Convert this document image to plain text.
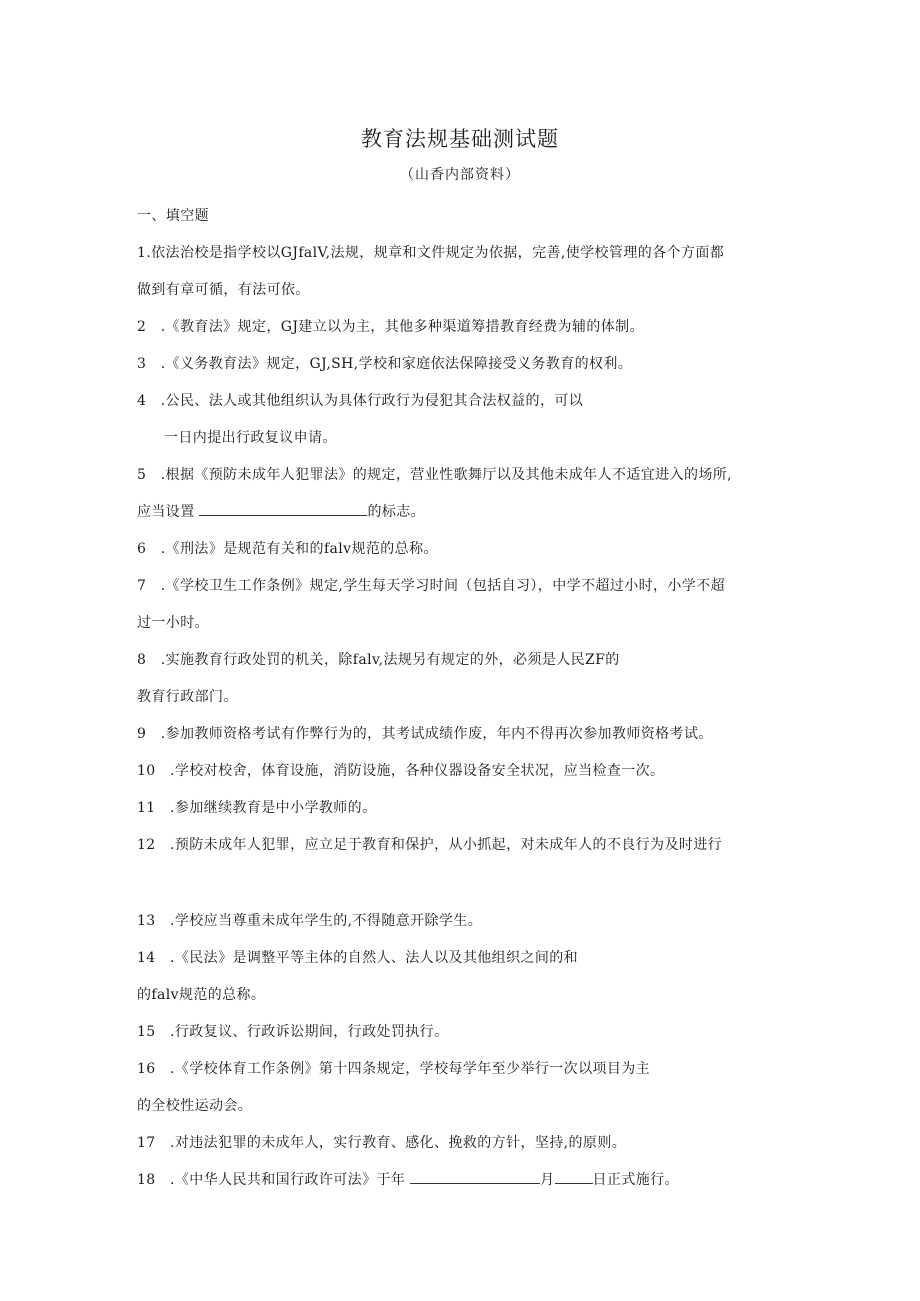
教育法规基础测试题
（山香内部资料）
一、填空题
1.依法治校是指学校以GJfalV,法规，规章和文件规定为依据，完善,使学校管理的各个方面都
做到有章可循，有法可依。
2　.《教育法》规定，GJ建立以为主，其他多种渠道筹措教育经费为辅的体制。
3　.《义务教育法》规定，GJ,SH,学校和家庭依法保障接受义务教育的权利。
4　.公民、法人或其他组织认为具体行政行为侵犯其合法权益的，可以
一日内提出行政复议申请。
5　.根据《预防未成年人犯罪法》的规定，营业性歌舞厅以及其他未成年人不适宜进入的场所,
应当设置	的标志。
6　.《刑法》是规范有关和的falv规范的总称。
7　.《学校卫生工作条例》规定,学生每天学习时间（包括自习），中学不超过小时，小学不超
过一小时。
8　.实施教育行政处罚的机关，除falv,法规另有规定的外，必须是人民ZF的
教育行政部门。
9　.参加教师资格考试有作弊行为的，其考试成绩作废，年内不得再次参加教师资格考试。
10　.学校对校舍，体育设施，消防设施，各种仪器设备安全状况，应当检查一次。
11　.参加继续教育是中小学教师的。
12　.预防未成年人犯罪，应立足于教育和保护，从小抓起，对未成年人的不良行为及时进行
13　.学校应当尊重未成年学生的,不得随意开除学生。
14　.《民法》是调整平等主体的自然人、法人以及其他组织之间的和
的falv规范的总称。
15　.行政复议、行政诉讼期间，行政处罚执行。
16　.《学校体育工作条例》第十四条规定，学校每学年至少举行一次以项目为主
的全校性运动会。
17　.对违法犯罪的未成年人，实行教育、感化、挽救的方针，坚持,的原则。
18　.《中华人民共和国行政许可法》于年	月	日正式施行。
